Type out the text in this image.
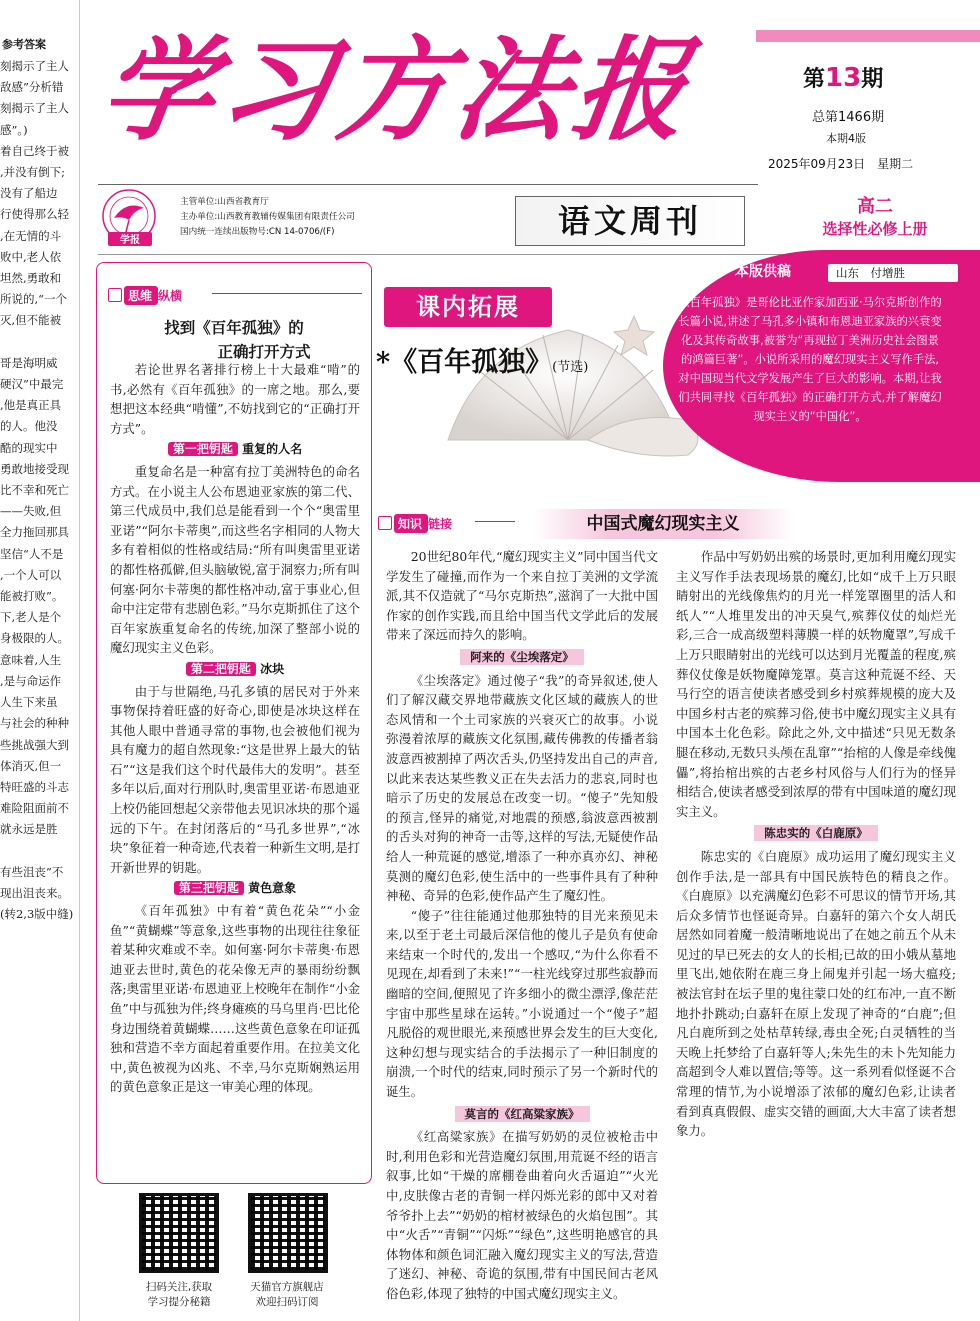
参考答案
刻揭示了主人
敌感”分析错
刻揭示了主人
感”。)
着自己终于被
,并没有倒下;
没有了船边
行使得那么轻
,在无情的斗
败中,老人依
坦然,勇敢和
所说的,“一个
灭,但不能被

哥是海明威
硬汉”中最完
,他是真正具
的人。他没
酷的现实中
勇敢地接受现
比不幸和死亡
——失败,但
全力拖回那具
坚信“人不是
,一个人可以
能被打败”。
下,老人是个
身极限的人。
意味着,人生
,是与命运作
人生下来虽
与社会的种种
些挑战强大到
体消灭,但一
特旺盛的斗志
难险阻面前不
就永远是胜

有些沮丧”不
现出沮丧来。
(转2,3版中缝)
学习方法报	第13期
总第1466期
本期4版
2025年09月23日　星期二
学报
主管单位:山西省教育厅
主办单位:山西教育教辅传媒集团有限责任公司
国内统一连续出版物号:CN 14-0706/(F)	语文周刊	高二
选择性必修上册
思维 纵横
找到《百年孤独》的
正确打开方式

若论世界名著排行榜上十大最难“啃”的书,必然有《百年孤独》的一席之地。那么,要想把这本经典“啃懂”,不妨找到它的“正确打开方式”。

第一把钥匙 重复的人名

重复命名是一种富有拉丁美洲特色的命名方式。在小说主人公布恩迪亚家族的第二代、第三代成员中,我们总是能看到一个个“奥雷里亚诺”“阿尔卡蒂奥”,而这些名字相同的人物大多有着相似的性格或结局:“所有叫奥雷里亚诺的都性格孤僻,但头脑敏锐,富于洞察力;所有叫何塞·阿尔卡蒂奥的都性格冲动,富于事业心,但命中注定带有悲剧色彩。”马尔克斯抓住了这个百年家族重复命名的传统,加深了整部小说的魔幻现实主义色彩。

第二把钥匙 冰块

由于与世隔绝,马孔多镇的居民对于外来事物保持着旺盛的好奇心,即使是冰块这样在其他人眼中普通寻常的事物,也会被他们视为具有魔力的超自然现象:“这是世界上最大的钻石”“这是我们这个时代最伟大的发明”。甚至多年以后,面对行刑队时,奥雷里亚诺·布恩迪亚上校仍能回想起父亲带他去见识冰块的那个遥远的下午。在封闭落后的“马孔多世界”,“冰块”象征着一种奇迹,代表着一种新生文明,是打开新世界的钥匙。

第三把钥匙 黄色意象

《百年孤独》中有着“黄色花朵”“小金鱼”“黄蝴蝶”等意象,这些事物的出现往往象征着某种灾难或不幸。如何塞·阿尔卡蒂奥·布恩迪亚去世时,黄色的花朵像无声的暴雨纷纷飘落;奥雷里亚诺·布恩迪亚上校晚年在制作“小金鱼”中与孤独为伴;终身瘫痪的马乌里肖·巴比伦身边围绕着黄蝴蝶……这些黄色意象在印证孤独和营造不幸方面起着重要作用。在拉美文化中,黄色被视为凶兆、不幸,马尔克斯娴熟运用的黄色意象正是这一审美心理的体现。

扫码关注,获取
学习提分秘籍
天猫官方旗舰店
欢迎扫码订阅
课内拓展
*《百年孤独》(节选)
本版供稿	山东　付增胜
《百年孤独》是哥伦比亚作家加西亚·马尔克斯创作的长篇小说,讲述了马孔多小镇和布恩迪亚家族的兴衰变化及其传奇故事,被誉为“再现拉丁美洲历史社会图景的鸿篇巨著”。小说所采用的魔幻现实主义写作手法,对中国现当代文学发展产生了巨大的影响。本期,让我们共同寻找《百年孤独》的正确打开方式,并了解魔幻现实主义的“中国化”。
知识 链接	中国式魔幻现实主义

20世纪80年代,“魔幻现实主义”同中国当代文学发生了碰撞,而作为一个来自拉丁美洲的文学流派,其不仅造就了“马尔克斯热”,滋润了一大批中国作家的创作实践,而且给中国当代文学此后的发展带来了深远而持久的影响。

阿来的《尘埃落定》

《尘埃落定》通过傻子“我”的奇异叙述,使人们了解汉藏交界地带藏族文化区域的藏族人的世态风情和一个土司家族的兴衰灭亡的故事。小说弥漫着浓厚的藏族文化氛围,藏传佛教的传播者翁波意西被割掉了两次舌头,仍坚持发出自己的声音,以此来表达某些教义正在失去活力的悲哀,同时也暗示了历史的发展总在改变一切。“傻子”先知般的预言,怪异的痛觉,对地震的预感,翁波意西被割的舌头对狗的神奇一击等,这样的写法,无疑使作品给人一种荒诞的感觉,增添了一种亦真亦幻、神秘莫测的魔幻色彩,使生活中的一些事件具有了种种神秘、奇异的色彩,使作品产生了魔幻性。

“傻子”往往能通过他那独特的目光来预见未来,以至于老土司最后深信他的傻儿子是负有使命来结束一个时代的,发出一个感叹,“为什么你看不见现在,却看到了未来!”“一柱光线穿过那些寂静而幽暗的空间,便照见了许多细小的微尘漂浮,像茫茫宇宙中那些星球在运转。”小说通过一个“傻子”超凡脱俗的观世眼光,来预感世界会发生的巨大变化,这种幻想与现实结合的手法揭示了一种旧制度的崩溃,一个时代的结束,同时预示了另一个新时代的诞生。

莫言的《红高粱家族》

《红高粱家族》在描写奶奶的灵位被枪击中时,利用色彩和光营造魔幻氛围,用荒诞不经的语言叙事,比如“干燥的席棚卷曲着向火舌逼迫”“火光中,皮肤像古老的青铜一样闪烁光彩的郎中又对着爷爷扑上去”“奶奶的棺材被绿色的火焰包围”。其中“火舌”“青铜”“闪烁”“绿色”,这些明艳感官的具体物体和颜色词汇融入魔幻现实主义的写法,营造了迷幻、神秘、奇诡的氛围,带有中国民间古老风俗色彩,体现了独特的中国式魔幻现实主义。

作品中写奶奶出殡的场景时,更加利用魔幻现实主义写作手法表现场景的魔幻,比如“成千上万只眼睛射出的光线像焦灼的月光一样笼罩圈里的活人和纸人”“人堆里发出的冲天臭气,殡葬仪仗的灿烂光彩,三合一成高级塑料薄膜一样的妖物魔罩”,写成千上万只眼睛射出的光线可以达到月光覆盖的程度,殡葬仪仗像是妖物魔障笼罩。莫言这种荒诞不经、天马行空的语言使读者感受到乡村殡葬规模的庞大及中国乡村古老的殡葬习俗,使书中魔幻现实主义具有中国本土化色彩。除此之外,文中描述“只见无数条腿在移动,无数只头颅在乱窜”“抬棺的人像是牵线傀儡”,将抬棺出殡的古老乡村风俗与人们行为的怪异相结合,使读者感受到浓厚的带有中国味道的魔幻现实主义。

陈忠实的《白鹿原》

陈忠实的《白鹿原》成功运用了魔幻现实主义创作手法,是一部具有中国民族特色的精良之作。《白鹿原》以充满魔幻色彩不可思议的情节开场,其后众多情节也怪诞奇异。白嘉轩的第六个女人胡氏居然如同着魔一般清晰地说出了在她之前五个从未见过的早已死去的女人的长相;已故的田小娥从墓地里飞出,她依附在鹿三身上闹鬼并引起一场大瘟疫;被法官封在坛子里的鬼往蒙口处的红布冲,一直不断地扑扑跳动;白嘉轩在原上发现了神奇的“白鹿”;但凡白鹿所到之处枯草转绿,毒虫全死;白灵牺牲的当天晚上托梦给了白嘉轩等人;朱先生的未卜先知能力高超到令人难以置信;等等。这一系列看似怪诞不合常理的情节,为小说增添了浓郁的魔幻色彩,让读者看到真真假假、虚实交错的画面,大大丰富了读者想象力。
